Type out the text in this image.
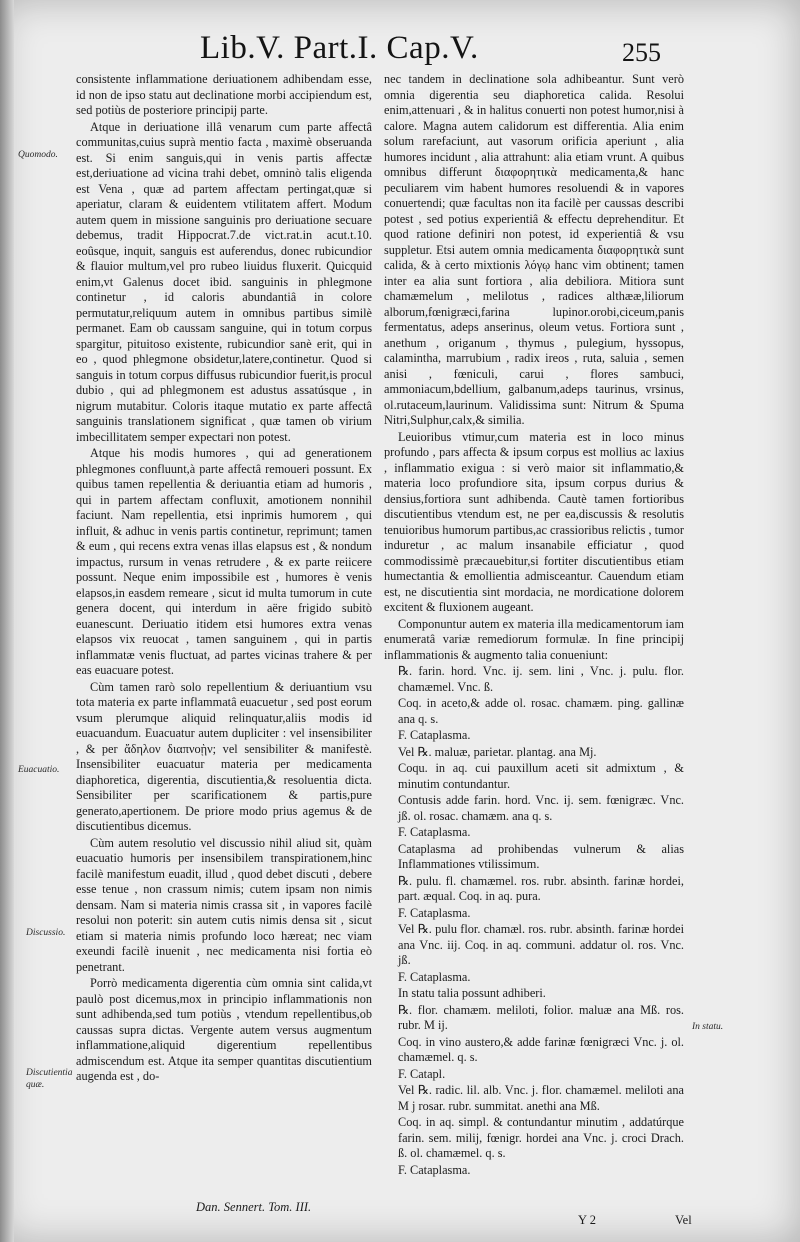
Lib.V. Part.I. Cap.V.	255
Quomodo.
Euacuatio.
Discussio.
Discutientia
quæ.
In statu.

consistente inflammatione deriuationem adhibendam esse, id non de ipso statu aut declinatione morbi accipiendum est, sed potiùs de posteriore principij parte.

Atque in deriuatione illâ venarum cum parte affectâ communitas,cuius suprà mentio facta , maximè obseruanda est. Si enim sanguis,qui in venis partis affectæ est,deriuatione ad vicina trahi debet, omninò talis eligenda est Vena , quæ ad partem affectam pertingat,quæ si aperiatur, claram & euidentem vtilitatem affert. Modum autem quem in missione sanguinis pro deriuatione secuare debemus, tradit Hippocrat.7.de vict.rat.in acut.t.10. eoûsque, inquit, sanguis est auferendus, donec rubicundior & flauior multum,vel pro rubeo liuidus fluxerit. Quicquid enim,vt Galenus docet ibid. sanguinis in phlegmone continetur , id caloris abundantiâ in colore permutatur,reliquum autem in omnibus partibus similè permanet. Eam ob caussam sanguine, qui in totum corpus spargitur, pituitoso existente, rubicundior sanè erit, qui in eo , quod phlegmone obsidetur,latere,continetur. Quod si sanguis in totum corpus diffusus rubicundior fuerit,is procul dubio , qui ad phlegmonem est adustus assatúsque , in nigrum mutabitur. Coloris itaque mutatio ex parte affectâ sanguinis translationem significat , quæ tamen ob virium imbecillitatem semper expectari non potest.

Atque his modis humores , qui ad generationem phlegmones confluunt,à parte affectâ remoueri possunt. Ex quibus tamen repellentia & deriuantia etiam ad humoris , qui in partem affectam confluxit, amotionem nonnihil faciunt. Nam repellentia, etsi inprimis humorem , qui influit, & adhuc in venis partis continetur, reprimunt; tamen & eum , qui recens extra venas illas elapsus est , & nondum impactus, rursum in venas retrudere , & ex parte reiicere possunt. Neque enim impossibile est , humores è venis elapsos,in easdem remeare , sicut id multa tumorum in cute genera docent, qui interdum in aëre frigido subitò euanescunt. Deriuatio itidem etsi humores extra venas elapsos vix reuocat , tamen sanguinem , qui in partis inflammatæ venis fluctuat, ad partes vicinas trahere & per eas euacuare potest.

Cùm tamen rarò solo repellentium & deriuantium vsu tota materia ex parte inflammatâ euacuetur , sed post eorum vsum plerumque aliquid relinquatur,aliis modis id euacuandum. Euacuatur autem dupliciter : vel insensibiliter , & per ἄδηλον διαπνοῂν; vel sensibiliter & manifestè. Insensibiliter euacuatur materia per medicamenta diaphoretica, digerentia, discutientia,& resoluentia dicta. Sensibiliter per scarificationem & partis,pure generato,apertionem. De priore modo prius agemus & de discutientibus dicemus.

Cùm autem resolutio vel discussio nihil aliud sit, quàm euacuatio humoris per insensibilem transpirationem,hinc facilè manifestum euadit, illud , quod debet discuti , debere esse tenue , non crassum nimis; cutem ipsam non nimis densam. Nam si materia nimis crassa sit , in vapores facilè resolui non poterit: sin autem cutis nimis densa sit , sicut etiam si materia nimis profundo loco hæreat; nec viam exeundi facilè inuenit , nec medicamenta nisi fortia eò penetrant.

Porrò medicamenta digerentia cùm omnia sint calida,vt paulò post dicemus,mox in principio inflammationis non sunt adhibenda,sed tum potiùs , vtendum repellentibus,ob caussas supra dictas. Vergente autem versus augmentum inflammatione,aliquid digerentium repellentibus admiscendum est. Atque ita semper quantitas discutientium augenda est , do-

nec tandem in declinatione sola adhibeantur. Sunt verò omnia digerentia seu diaphoretica calida. Resolui enim,attenuari , & in halitus conuerti non potest humor,nisi à calore. Magna autem calidorum est differentia. Alia enim solum rarefaciunt, aut vasorum orificia aperiunt , alia humores incidunt , alia attrahunt: alia etiam vrunt. A quibus omnibus differunt διαφορητικὰ medicamenta,& hanc peculiarem vim habent humores resoluendi & in vapores conuertendi; quæ facultas non ita facilè per caussas describi potest , sed potius experientiâ & effectu deprehenditur. Et quod ratione definiri non potest, id experientiâ & vsu suppletur. Etsi autem omnia medicamenta διαφορητικὰ sunt calida, & à certo mixtionis λόγῳ hanc vim obtinent; tamen inter ea alia sunt fortiora , alia debiliora. Mitiora sunt chamæmelum , melilotus , radices althææ,liliorum alborum,fœnigræci,farina lupinor.orobi,ciceum,panis fermentatus, adeps anserinus, oleum vetus. Fortiora sunt , anethum , origanum , thymus , pulegium, hyssopus, calamintha, marrubium , radix ireos , ruta, saluia , semen anisi , fœniculi, carui , flores sambuci, ammoniacum,bdellium, galbanum,adeps taurinus, vrsinus, ol.rutaceum,laurinum. Validissima sunt: Nitrum & Spuma Nitri,Sulphur,calx,& similia.

Leuioribus vtimur,cum materia est in loco minus profundo , pars affecta & ipsum corpus est mollius ac laxius , inflammatio exigua : si verò maior sit inflammatio,& materia loco profundiore sita, ipsum corpus durius & densius,fortiora sunt adhibenda. Cautè tamen fortioribus discutientibus vtendum est, ne per ea,discussis & resolutis tenuioribus humorum partibus,ac crassioribus relictis , tumor induretur , ac malum insanabile efficiatur , quod commodissimè præcauebitur,si fortiter discutientibus etiam humectantia & emollientia admisceantur. Cauendum etiam est, ne discutientia sint mordacia, ne mordicatione dolorem excitent & fluxionem augeant.

Componuntur autem ex materia illa medicamentorum iam enumeratâ variæ remediorum formulæ. In fine principij inflammationis & augmento talia conueniunt:

℞. farin. hord. Vnc. ij. sem. lini , Vnc. j. pulu. flor. chamæmel. Vnc. ß.

Coq. in aceto,& adde ol. rosac. chamæm. ping. gallinæ ana q. s.

F. Cataplasma.

Vel ℞. maluæ, parietar. plantag. ana Mj.

Coqu. in aq. cui pauxillum aceti sit admixtum , & minutim contundantur.

Contusis adde farin. hord. Vnc. ij. sem. fœnigræc. Vnc. jß. ol. rosac. chamæm. ana q. s.

F. Cataplasma.

Cataplasma ad prohibendas vulnerum & alias Inflammationes vtilissimum.

℞. pulu. fl. chamæmel. ros. rubr. absinth. farinæ hordei, part. æqual. Coq. in aq. pura.

F. Cataplasma.

Vel ℞. pulu flor. chamæl. ros. rubr. absinth. farinæ hordei ana Vnc. iij. Coq. in aq. communi. addatur ol. ros. Vnc. jß.

F. Cataplasma.

In statu talia possunt adhiberi.

℞. flor. chamæm. meliloti, folior. maluæ ana Mß. ros. rubr. M ij.

Coq. in vino austero,& adde farinæ fœnigræci Vnc. j. ol. chamæmel. q. s.

F. Catapl.

Vel ℞. radic. lil. alb. Vnc. j. flor. chamæmel. meliloti ana M j rosar. rubr. summitat. anethi ana Mß.

Coq. in aq. simpl. & contundantur minutim , addatúrque farin. sem. milij, fœnigr. hordei ana Vnc. j. croci Drach. ß. ol. chamæmel. q. s.

F. Cataplasma.

Dan. Sennert. Tom. III.
Y 2	Vel
